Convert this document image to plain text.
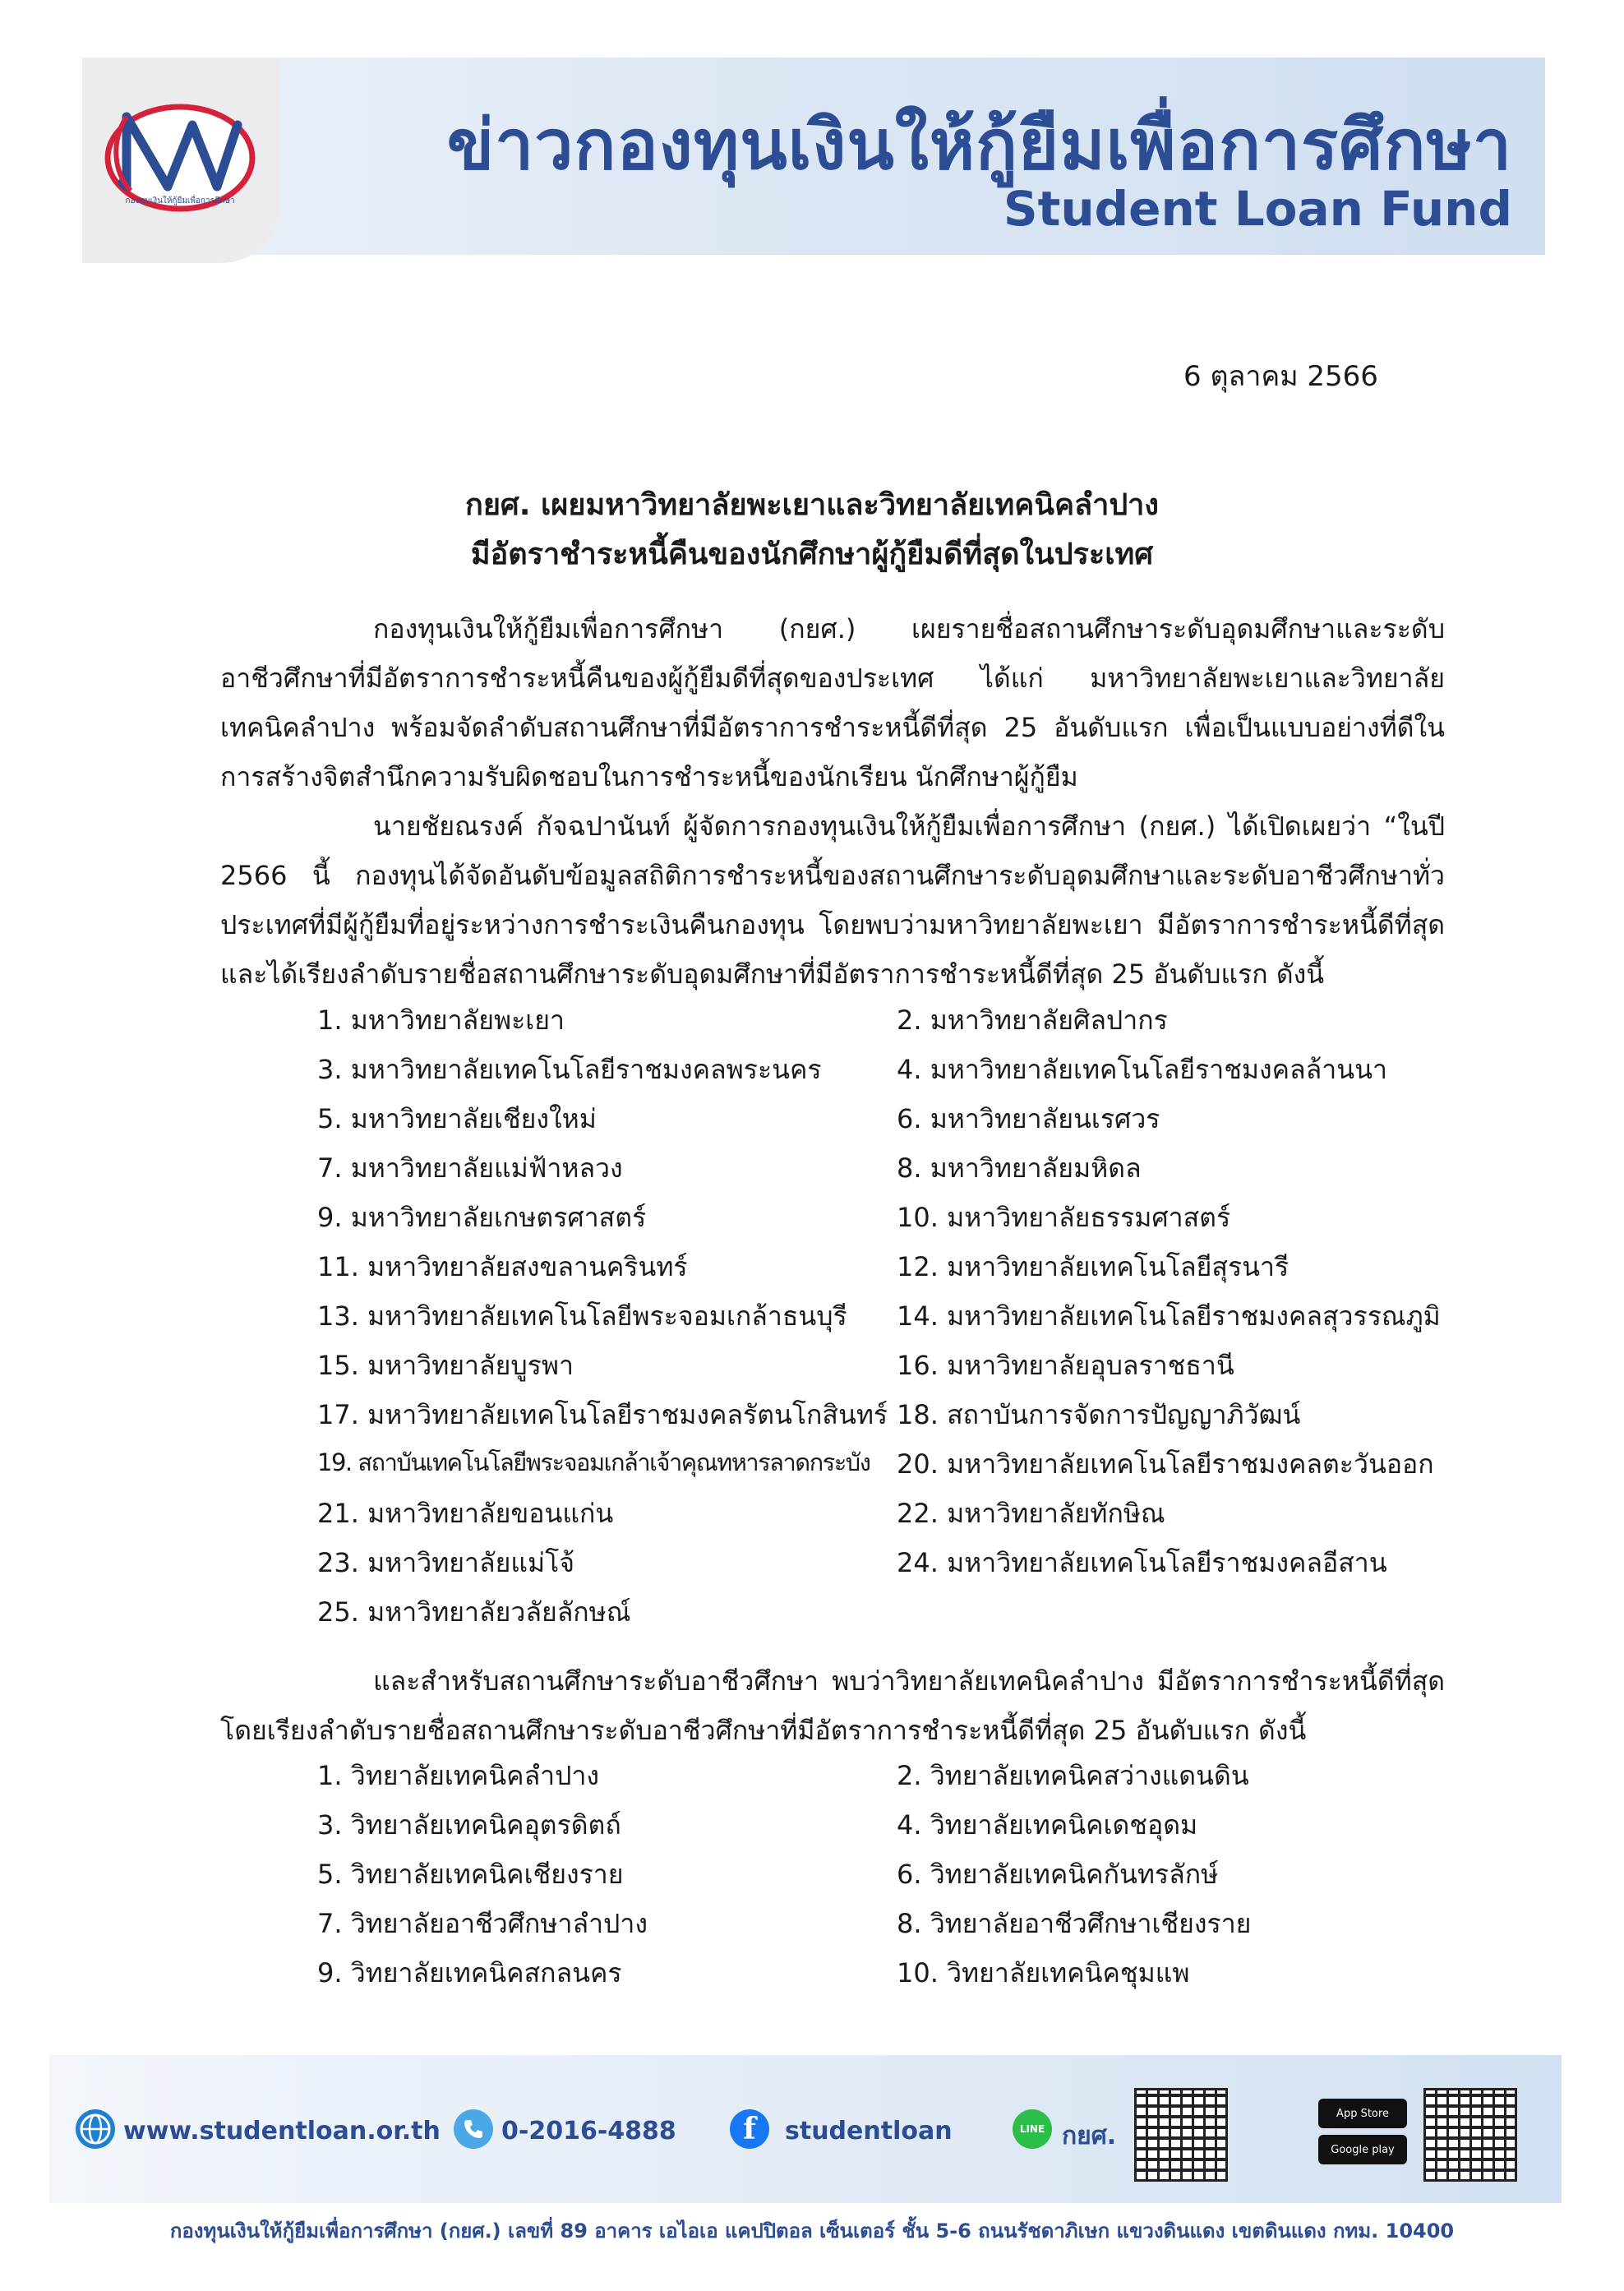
กองทุนเงินให้กู้ยืมเพื่อการศึกษา
ข่าวกองทุนเงินให้กู้ยืมเพื่อการศึกษา
Student Loan Fund
6 ตุลาคม 2566
กยศ. เผยมหาวิทยาลัยพะเยาและวิทยาลัยเทคนิคลำปาง
มีอัตราชำระหนี้คืนของนักศึกษาผู้กู้ยืมดีที่สุดในประเทศ
กองทุนเงินให้กู้ยืมเพื่อการศึกษา (กยศ.) เผยรายชื่อสถานศึกษาระดับอุดมศึกษาและระดับอาชีวศึกษาที่มีอัตราการชำระหนี้คืนของผู้กู้ยืมดีที่สุดของประเทศ ได้แก่ มหาวิทยาลัยพะเยาและวิทยาลัยเทคนิคลำปาง พร้อมจัดลำดับสถานศึกษาที่มีอัตราการชำระหนี้ดีที่สุด 25 อันดับแรก เพื่อเป็นแบบอย่างที่ดีในการสร้างจิตสำนึกความรับผิดชอบในการชำระหนี้ของนักเรียน นักศึกษาผู้กู้ยืม
นายชัยณรงค์ กัจฉปานันท์ ผู้จัดการกองทุนเงินให้กู้ยืมเพื่อการศึกษา (กยศ.) ได้เปิดเผยว่า “ในปี 2566 นี้ กองทุนได้จัดอันดับข้อมูลสถิติการชำระหนี้ของสถานศึกษาระดับอุดมศึกษาและระดับอาชีวศึกษาทั่วประเทศที่มีผู้กู้ยืมที่อยู่ระหว่างการชำระเงินคืนกองทุน โดยพบว่ามหาวิทยาลัยพะเยา มีอัตราการชำระหนี้ดีที่สุด และได้เรียงลำดับรายชื่อสถานศึกษาระดับอุดมศึกษาที่มีอัตราการชำระหนี้ดีที่สุด 25 อันดับแรก ดังนี้
1. มหาวิทยาลัยพะเยา	2. มหาวิทยาลัยศิลปากร
3. มหาวิทยาลัยเทคโนโลยีราชมงคลพระนคร	4. มหาวิทยาลัยเทคโนโลยีราชมงคลล้านนา
5. มหาวิทยาลัยเชียงใหม่	6. มหาวิทยาลัยนเรศวร
7. มหาวิทยาลัยแม่ฟ้าหลวง	8. มหาวิทยาลัยมหิดล
9. มหาวิทยาลัยเกษตรศาสตร์	10. มหาวิทยาลัยธรรมศาสตร์
11. มหาวิทยาลัยสงขลานครินทร์	12. มหาวิทยาลัยเทคโนโลยีสุรนารี
13. มหาวิทยาลัยเทคโนโลยีพระจอมเกล้าธนบุรี 14. มหาวิทยาลัยเทคโนโลยีราชมงคลสุวรรณภูมิ
15. มหาวิทยาลัยบูรพา	16. มหาวิทยาลัยอุบลราชธานี
17. มหาวิทยาลัยเทคโนโลยีราชมงคลรัตนโกสินทร์ 18. สถาบันการจัดการปัญญาภิวัฒน์
19. สถาบันเทคโนโลยีพระจอมเกล้าเจ้าคุณทหารลาดกระบัง 20. มหาวิทยาลัยเทคโนโลยีราชมงคลตะวันออก
21. มหาวิทยาลัยขอนแก่น	22. มหาวิทยาลัยทักษิณ
23. มหาวิทยาลัยแม่โจ้	24. มหาวิทยาลัยเทคโนโลยีราชมงคลอีสาน
25. มหาวิทยาลัยวลัยลักษณ์
และสำหรับสถานศึกษาระดับอาชีวศึกษา พบว่าวิทยาลัยเทคนิคลำปาง มีอัตราการชำระหนี้ดีที่สุด โดยเรียงลำดับรายชื่อสถานศึกษาระดับอาชีวศึกษาที่มีอัตราการชำระหนี้ดีที่สุด 25 อันดับแรก ดังนี้
1. วิทยาลัยเทคนิคลำปาง	2. วิทยาลัยเทคนิคสว่างแดนดิน
3. วิทยาลัยเทคนิคอุตรดิตถ์	4. วิทยาลัยเทคนิคเดชอุดม
5. วิทยาลัยเทคนิคเชียงราย	6. วิทยาลัยเทคนิคกันทรลักษ์
7. วิทยาลัยอาชีวศึกษาลำปาง	8. วิทยาลัยอาชีวศึกษาเชียงราย
9. วิทยาลัยเทคนิคสกลนคร	10. วิทยาลัยเทคนิคชุมแพ
www.studentloan.or.th 0-2016-4888	f	studentloan	LINE กยศ.
App Store
Google play
กองทุนเงินให้กู้ยืมเพื่อการศึกษา (กยศ.) เลขที่ 89 อาคาร เอไอเอ แคปปิตอล เซ็นเตอร์ ชั้น 5-6 ถนนรัชดาภิเษก แขวงดินแดง เขตดินแดง กทม. 10400
